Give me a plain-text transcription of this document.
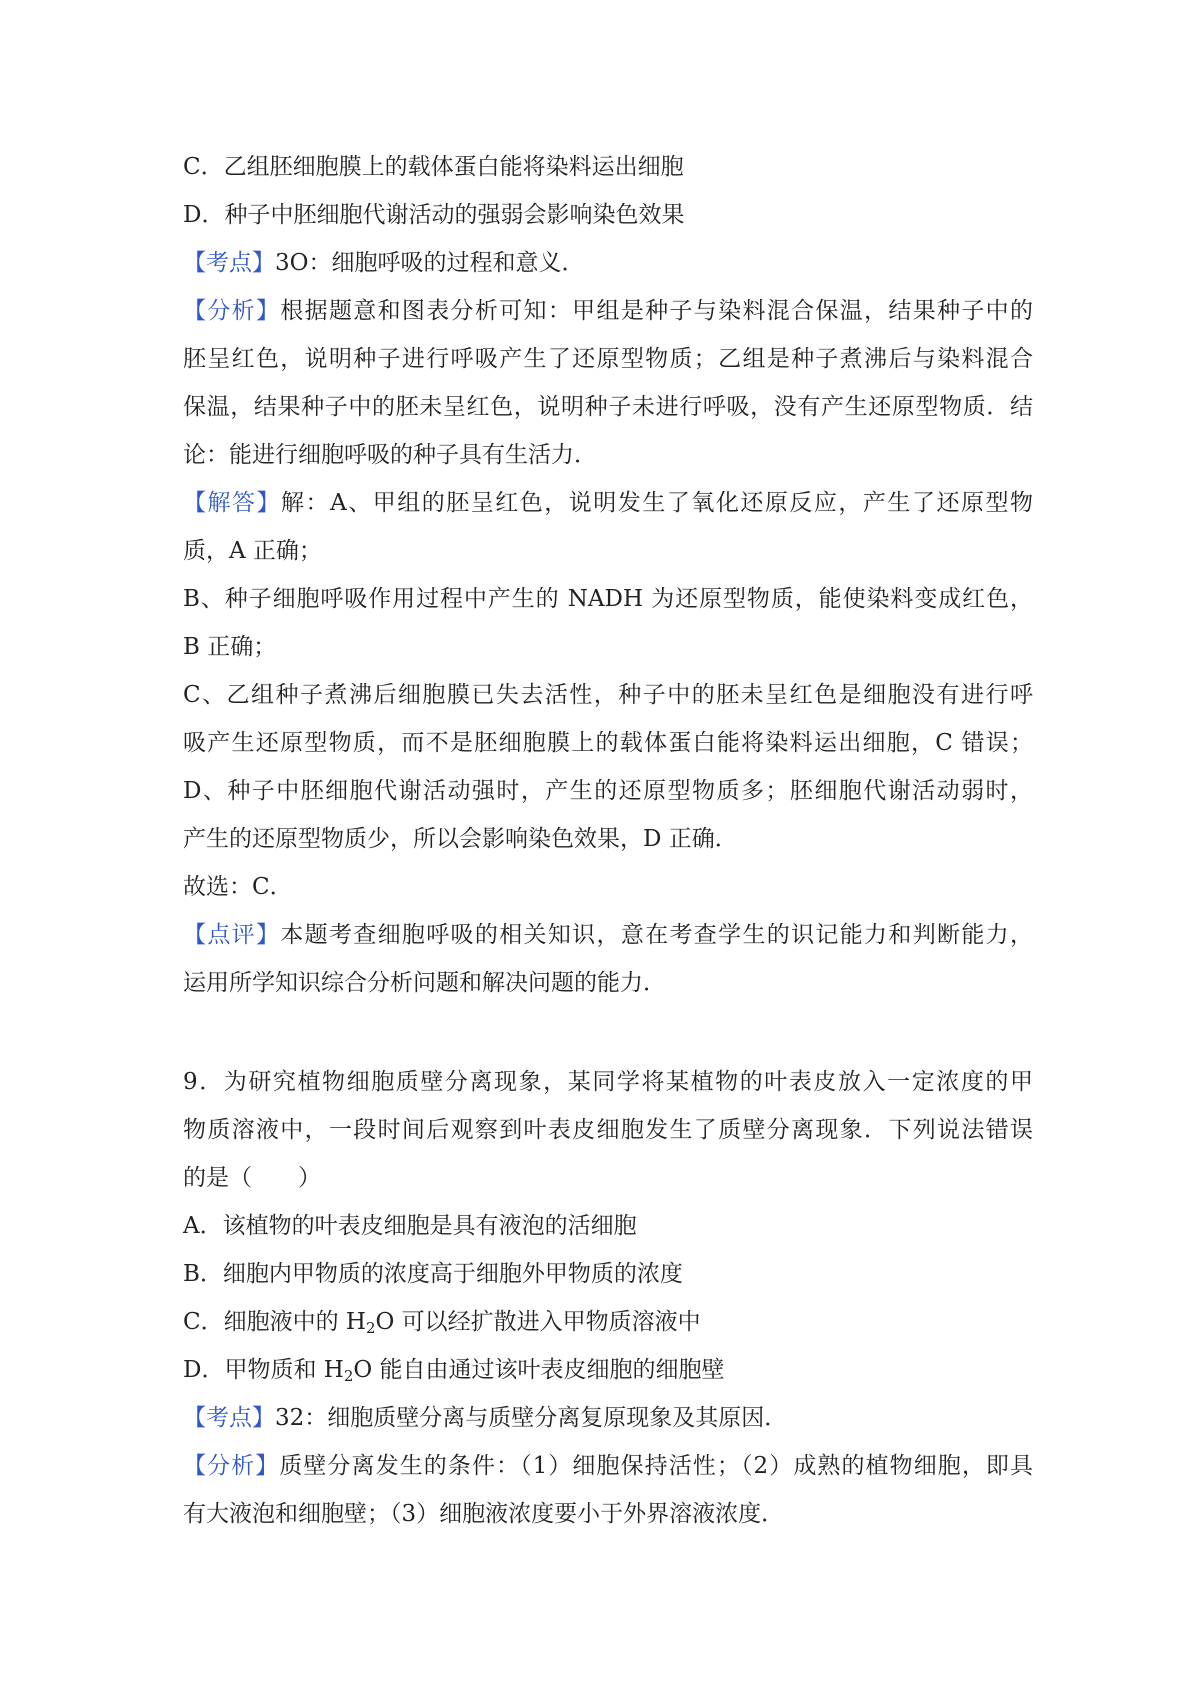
C．乙组胚细胞膜上的载体蛋白能将染料运出细胞
D．种子中胚细胞代谢活动的强弱会影响染色效果
【考点】3O：细胞呼吸的过程和意义．
【分析】根据题意和图表分析可知：甲组是种子与染料混合保温，结果种子中的
胚呈红色，说明种子进行呼吸产生了还原型物质；乙组是种子煮沸后与染料混合
保温，结果种子中的胚未呈红色，说明种子未进行呼吸，没有产生还原型物质．结
论：能进行细胞呼吸的种子具有生活力．
【解答】解：A、甲组的胚呈红色，说明发生了氧化还原反应，产生了还原型物
质，A 正确；
B、种子细胞呼吸作用过程中产生的 NADH 为还原型物质，能使染料变成红色，
B 正确；
C、乙组种子煮沸后细胞膜已失去活性，种子中的胚未呈红色是细胞没有进行呼
吸产生还原型物质，而不是胚细胞膜上的载体蛋白能将染料运出细胞，C 错误；
D、种子中胚细胞代谢活动强时，产生的还原型物质多；胚细胞代谢活动弱时，
产生的还原型物质少，所以会影响染色效果，D 正确．
故选：C．
【点评】本题考查细胞呼吸的相关知识，意在考查学生的识记能力和判断能力，
运用所学知识综合分析问题和解决问题的能力．
9．为研究植物细胞质壁分离现象，某同学将某植物的叶表皮放入一定浓度的甲
物质溶液中，一段时间后观察到叶表皮细胞发生了质壁分离现象．下列说法错误
的是（　　）
A．该植物的叶表皮细胞是具有液泡的活细胞
B．细胞内甲物质的浓度高于细胞外甲物质的浓度
C．细胞液中的 $H_2O$ 可以经扩散进入甲物质溶液中
D．甲物质和 $H_2O$ 能自由通过该叶表皮细胞的细胞壁
【考点】32：细胞质壁分离与质壁分离复原现象及其原因．
【分析】质壁分离发生的条件：（1）细胞保持活性；（2）成熟的植物细胞，即具
有大液泡和细胞壁；（3）细胞液浓度要小于外界溶液浓度．
